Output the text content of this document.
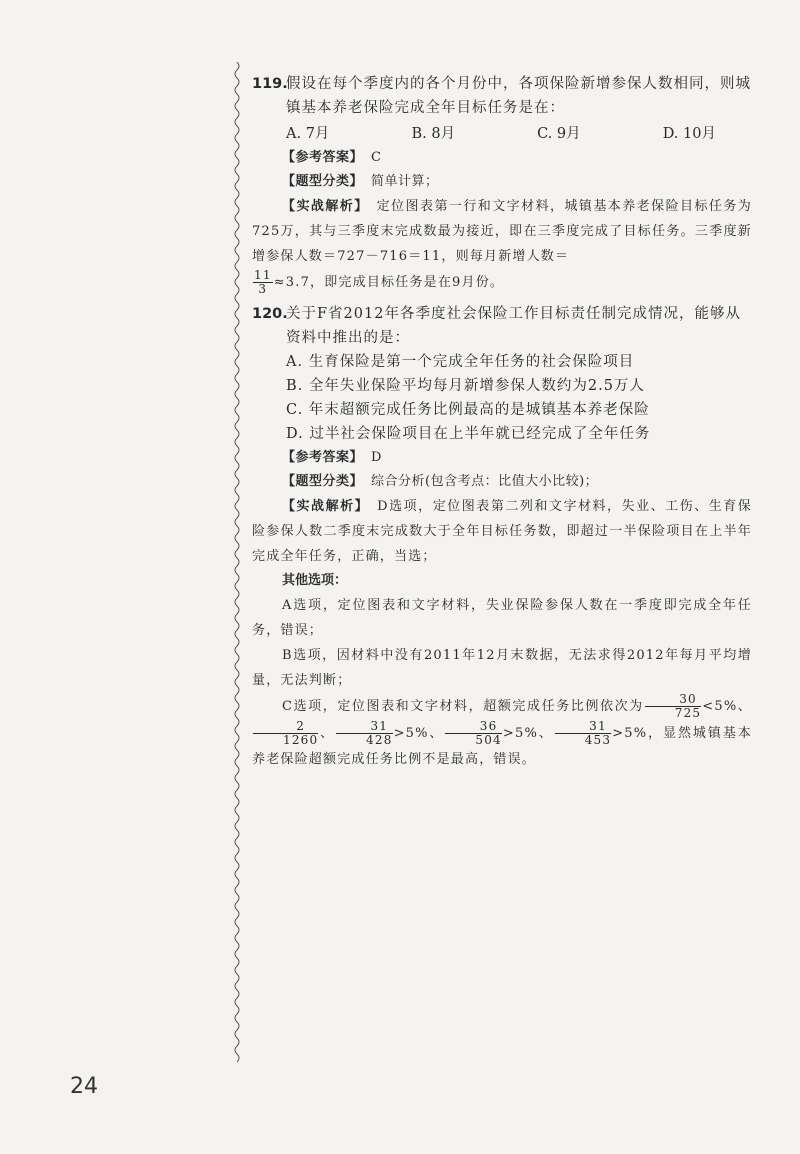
119.
假设在每个季度内的各个月份中，各项保险新增参保人数相同，则城镇基本养老保险完成全年目标任务是在：
A. 7月	B. 8月	C. 9月	D. 10月
【参考答案】 C
【题型分类】 简单计算；
【实战解析】 定位图表第一行和文字材料，城镇基本养老保险目标任务为725万，其与三季度末完成数最为接近，即在三季度完成了目标任务。三季度新增参保人数＝727－716＝11，则每月新增人数＝
$\frac{11}{3} \approx 3.7$，即完成目标任务是在9月份。
120.
关于F省2012年各季度社会保险工作目标责任制完成情况，能够从资料中推出的是：
A. 生育保险是第一个完成全年任务的社会保险项目
B. 全年失业保险平均每月新增参保人数约为2.5万人
C. 年末超额完成任务比例最高的是城镇基本养老保险
D. 过半社会保险项目在上半年就已经完成了全年任务
【参考答案】 D
【题型分类】 综合分析(包含考点：比值大小比较)；
【实战解析】 D选项，定位图表第二列和文字材料，失业、工伤、生育保险参保人数二季度末完成数大于全年目标任务数，即超过一半保险项目在上半年完成全年任务，正确，当选；
其他选项：
A选项，定位图表和文字材料，失业保险参保人数在一季度即完成全年任务，错误；
B选项，因材料中没有2011年12月末数据，无法求得2012年每月平均增量，无法判断；
C选项，定位图表和文字材料，超额完成任务比例依次为 $\frac{30}{725} <5\%$、
$\frac{2}{1260}$ 、 $\frac{31}{428} >5\%$、 $\frac{36}{504} >5\%$、 $\frac{31}{453} >5\%$，显然城镇基本养老保险超额完成任务比例不是最高，错误。
24
